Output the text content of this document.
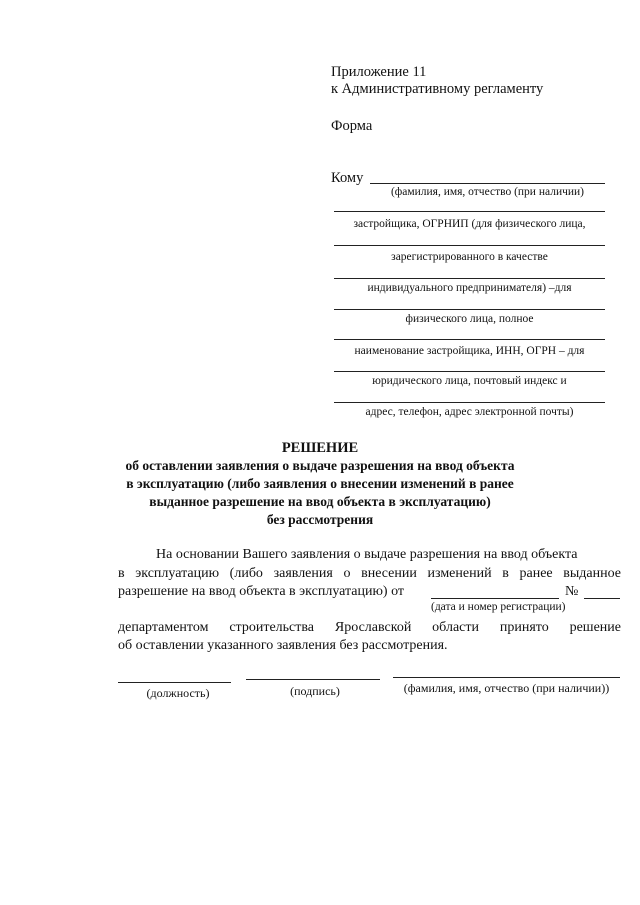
Приложение 11
к Административному регламенту
Форма
Кому
(фамилия, имя, отчество (при наличии)
застройщика, ОГРНИП (для физического лица,
зарегистрированного в качестве
индивидуального предпринимателя) –для
физического лица, полное
наименование застройщика, ИНН, ОГРН – для
юридического лица, почтовый индекс и
адрес, телефон, адрес электронной почты)
РЕШЕНИЕ
об оставлении заявления о выдаче разрешения на ввод объекта
в эксплуатацию (либо заявления о внесении изменений в ранее
выданное разрешение на ввод объекта в эксплуатацию)
без рассмотрения
На основании Вашего заявления о выдаче разрешения на ввод объекта
в эксплуатацию (либо заявления о внесении изменений в ранее выданное
разрешение на ввод объекта в эксплуатацию) от	№
(дата и номер регистрации)
департаментом строительства Ярославской области принято решение
об оставлении указанного заявления без рассмотрения.
(должность)	(подпись)	(фамилия, имя, отчество (при наличии))
